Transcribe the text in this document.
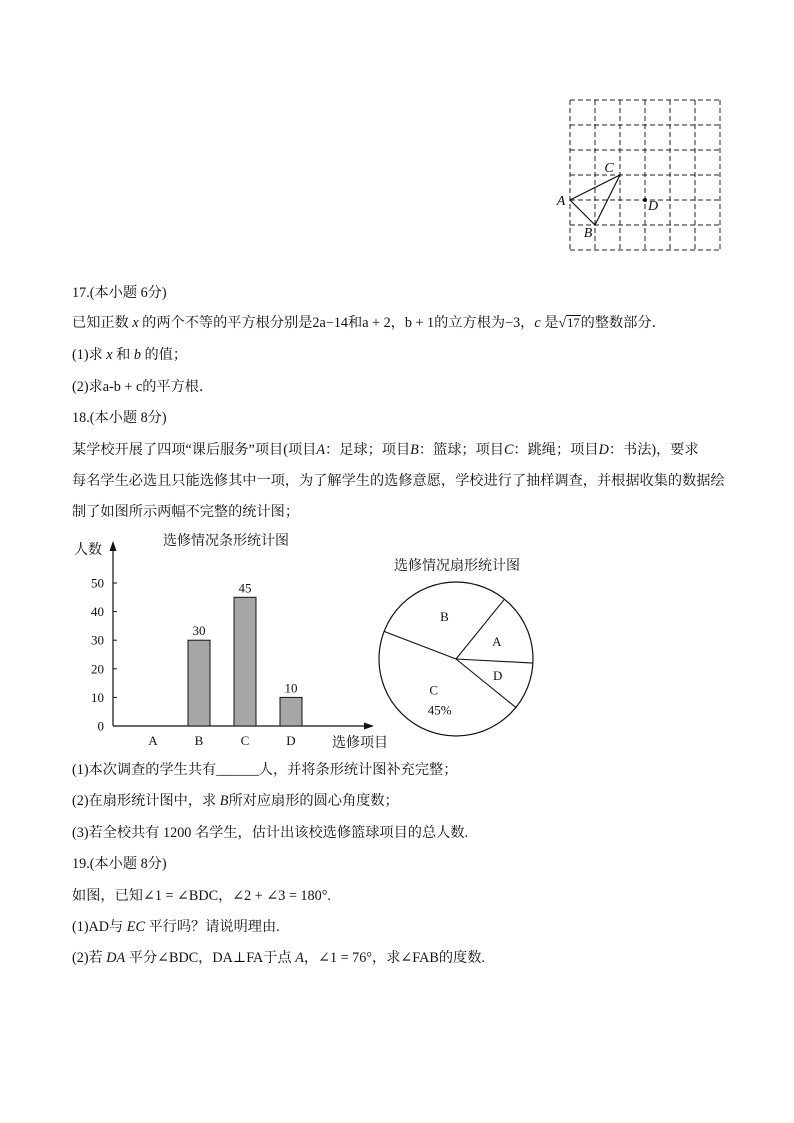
A
C
B
D
17.(本小题 6分)
已知正数 x 的两个不等的平方根分别是2a−14和a + 2，b + 1的立方根为−3，c 是√17的整数部分．
(1)求 x 和 b 的值；
(2)求a-b + c的平方根．
18.(本小题 8分)
某学校开展了四项“课后服务”项目(项目A：足球；项目B：篮球；项目C：跳绳；项目D：书法)，要求
每名学生必选且只能选修其中一项，为了解学生的选修意愿，学校进行了抽样调查，并根据收集的数据绘
制了如图所示两幅不完整的统计图；
选修情况条形统计图
人数
选修项目
0
10
20
30
40
50
A	B
30
C
45
D
10
选修情况扇形统计图
B
A
D
C
45%
(1)本次调查的学生共有______人，并将条形统计图补充完整；
(2)在扇形统计图中，求 B所对应扇形的圆心角度数；
(3)若全校共有 1200 名学生，估计出该校选修篮球项目的总人数.
19.(本小题 8分)
如图，已知∠1 = ∠BDC，∠2 + ∠3 = 180°.
(1)AD与 EC 平行吗？请说明理由.
(2)若 DA 平分∠BDC，DA⊥FA于点 A，∠1 = 76°，求∠FAB的度数.
